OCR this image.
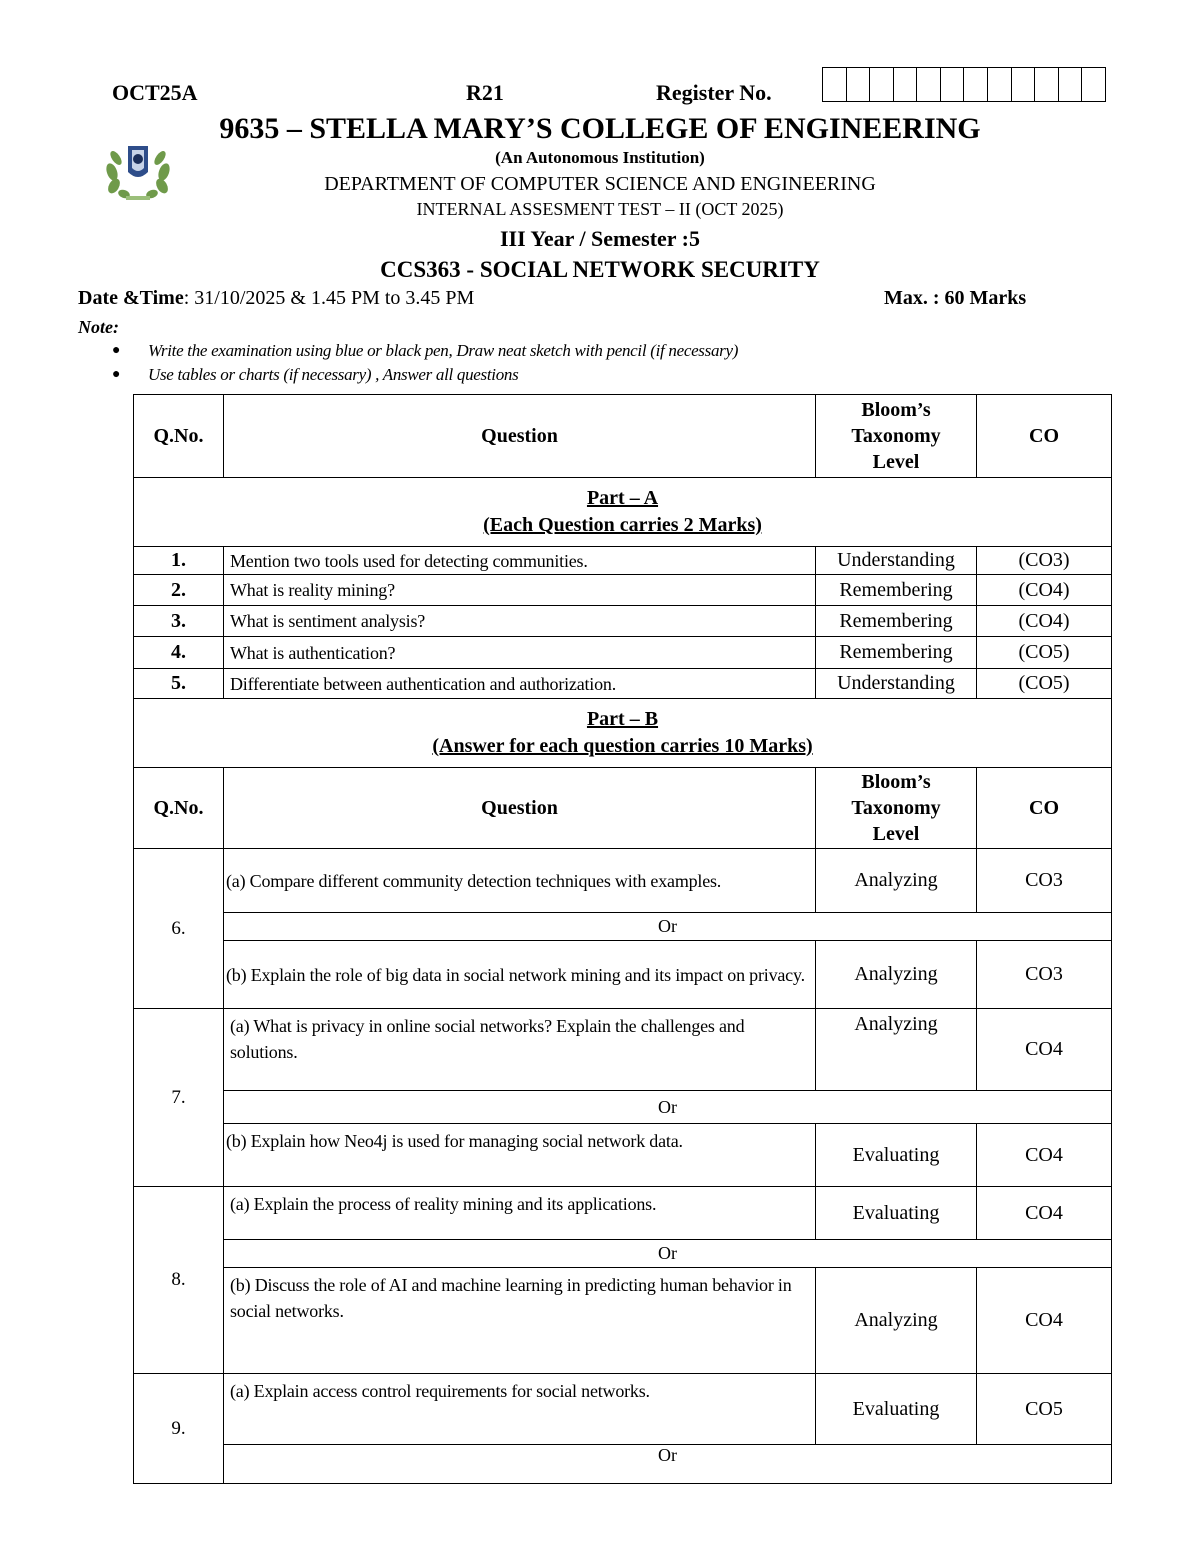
OCT25A	R21	Register No.
9635 – STELLA MARY’S COLLEGE OF ENGINEERING
(An Autonomous Institution)
DEPARTMENT OF COMPUTER SCIENCE AND ENGINEERING
INTERNAL ASSESMENT TEST – II (OCT 2025)
III Year / Semester :5
CCS363 - SOCIAL NETWORK SECURITY
Date &Time: 31/10/2025 & 1.45 PM to 3.45 PM	Max. : 60 Marks
Note:
● Write the examination using blue or black pen, Draw neat sketch with pencil (if necessary)
● Use tables or charts (if necessary) , Answer all questions
Q.No.	Question	Bloom’s
Taxonomy
Level	CO

Part – A
(Each Question carries 2 Marks)			

1.	Mention two tools used for detecting communities.	Understanding	(CO3)
2.	What is reality mining?	Remembering	(CO4)
3.	What is sentiment analysis?	Remembering	(CO4)
4.	What is authentication?	Remembering	(CO5)
5.	Differentiate between authentication and authorization.	Understanding	(CO5)

Part – B
(Answer for each question carries 10 Marks)			

Q.No.	Question	Bloom’s
Taxonomy
Level	CO
6.	(a) Compare different community detection techniques with examples.	Analyzing	CO3
	Or		
	(b) Explain the role of big data in social network mining and its impact on privacy.	Analyzing	CO3
7.	(a) What is privacy in online social networks? Explain the challenges and solutions.	Analyzing	CO4
	Or		
	(b) Explain how Neo4j is used for managing social network data.	Evaluating	CO4
8.	(a) Explain the process of reality mining and its applications.	Evaluating	CO4
	Or		
	(b) Discuss the role of AI and machine learning in predicting human behavior in social networks.	Analyzing	CO4
9.	(a) Explain access control requirements for social networks.	Evaluating	CO5
	Or		
